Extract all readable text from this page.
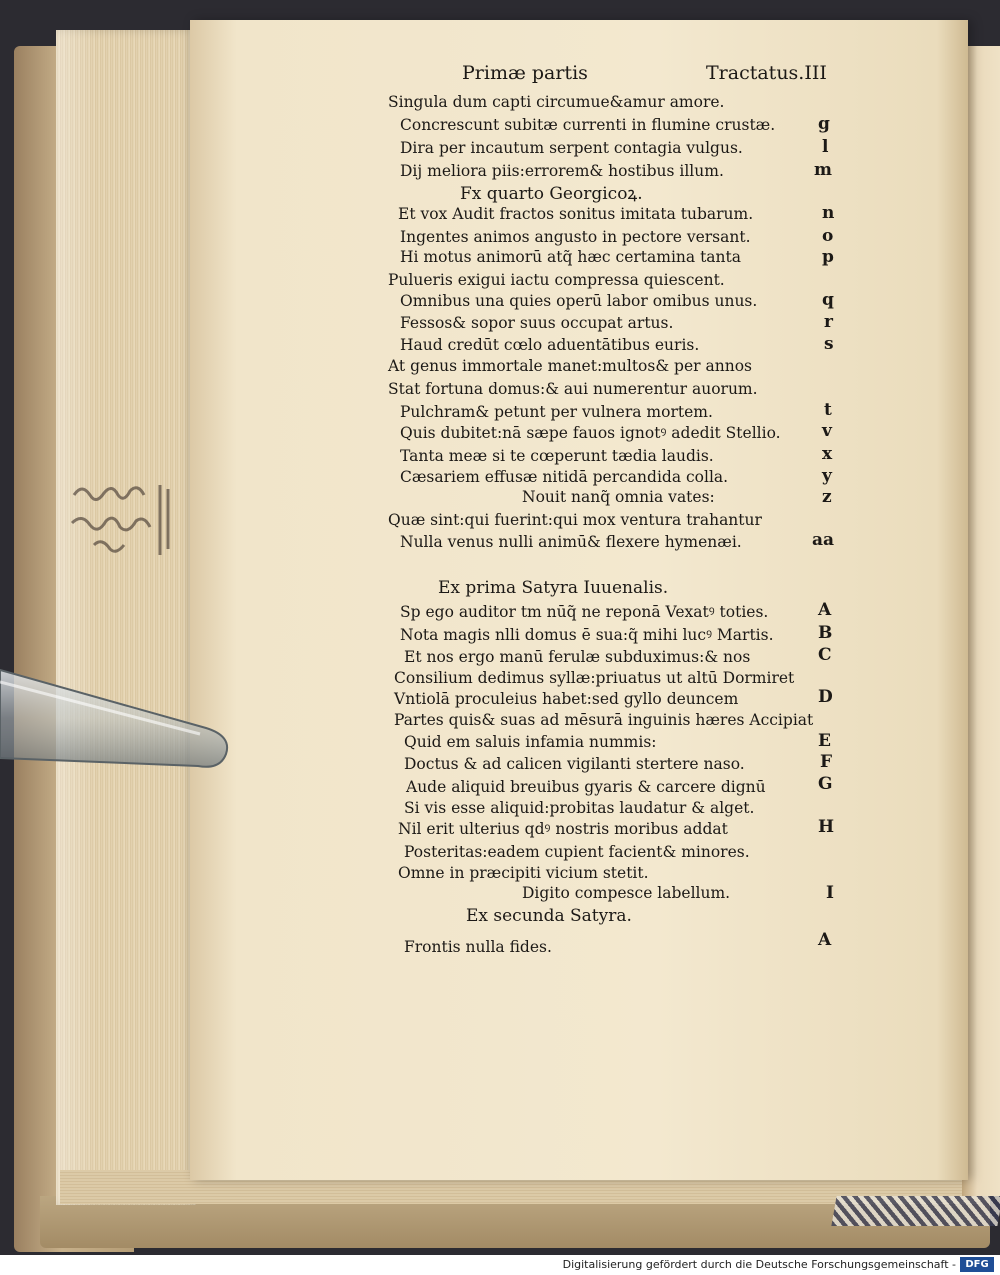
Primæ partis	Tractatus.III
Singula dum capti circumue&amur amore.
Concrescunt subitæ currenti in flumine crustæ.
Dira per incautum serpent contagia vulgus.
Dij meliora piis:errorem& hostibus illum.
Fx quarto Georgicoꝝ.
Et vox Audit fractos sonitus imitata tubarum.
Ingentes animos angusto in pectore versant.
Hi motus animorū atq̃ hæc certamina tanta
Pulueris exigui iactu compressa quiescent.
Omnibus una quies operū labor omibus unus.
Fessos& sopor suus occupat artus.
Haud credūt cœlo aduentātibus euris.
At genus immortale manet:multos& per annos
Stat fortuna domus:& aui numerentur auorum.
Pulchram& petunt per vulnera mortem.
Quis dubitet:nā sæpe fauos ignotꝰ adedit Stellio.
Tanta meæ si te cœperunt tædia laudis.
Cæsariem effusæ nitidā percandida colla.
Nouit nanq̃ omnia vates:
Quæ sint:qui fuerint:qui mox ventura trahantur
Nulla venus nulli animū& flexere hymenæi.
Ex prima Satyra Iuuenalis.
Sp ego auditor tm nūq̃ ne reponā Vexatꝰ toties.
Nota magis nlli domus ē sua:q̃ mihi lucꝰ Martis.
Et nos ergo manū ferulæ subduximus:& nos
Consilium dedimus syllæ:priuatus ut altū Dormiret
Vntiolā proculeius habet:sed gyllo deuncem
Partes quis& suas ad mēsurā inguinis hæres Accipiat
Quid em saluis infamia nummis:
Doctus & ad calicen vigilanti stertere naso.
Aude aliquid breuibus gyaris & carcere dignū
Si vis esse aliquid:probitas laudatur & alget.
Nil erit ulterius qdꝰ nostris moribus addat
Posteritas:eadem cupient facient& minores.
Omne in præcipiti vicium stetit.
Digito compesce labellum.
Ex secunda Satyra.
Frontis nulla fides.
g
l
m
n
o
p
q
r
s
t
v
x
y
z
aa
A
B
C
D
E
F
G
H
I
A
Digitalisierung gefördert durch die Deutsche Forschungsgemeinschaft - DFG
